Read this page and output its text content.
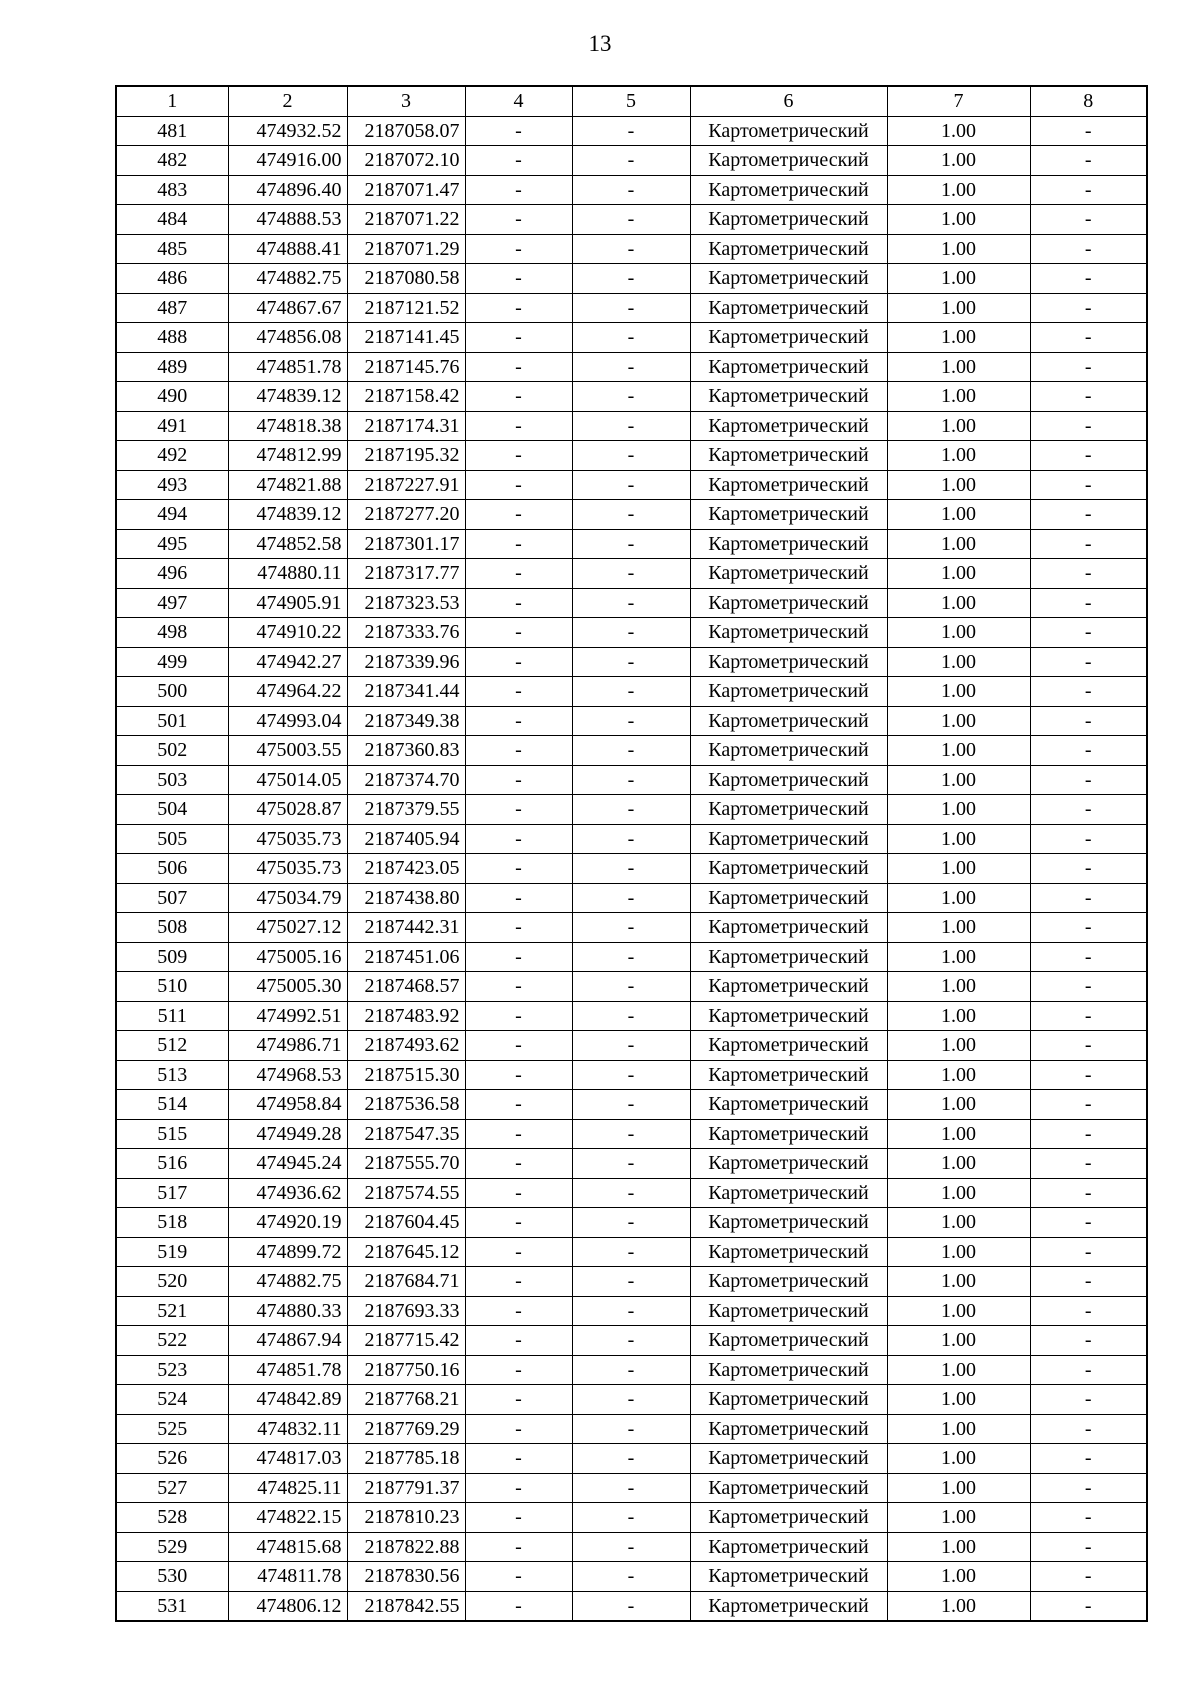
13
1	2	3	4	5	6	7	8
481	474932.52	2187058.07	-	-	Картометрический	1.00	-
482	474916.00	2187072.10	-	-	Картометрический	1.00	-
483	474896.40	2187071.47	-	-	Картометрический	1.00	-
484	474888.53	2187071.22	-	-	Картометрический	1.00	-
485	474888.41	2187071.29	-	-	Картометрический	1.00	-
486	474882.75	2187080.58	-	-	Картометрический	1.00	-
487	474867.67	2187121.52	-	-	Картометрический	1.00	-
488	474856.08	2187141.45	-	-	Картометрический	1.00	-
489	474851.78	2187145.76	-	-	Картометрический	1.00	-
490	474839.12	2187158.42	-	-	Картометрический	1.00	-
491	474818.38	2187174.31	-	-	Картометрический	1.00	-
492	474812.99	2187195.32	-	-	Картометрический	1.00	-
493	474821.88	2187227.91	-	-	Картометрический	1.00	-
494	474839.12	2187277.20	-	-	Картометрический	1.00	-
495	474852.58	2187301.17	-	-	Картометрический	1.00	-
496	474880.11	2187317.77	-	-	Картометрический	1.00	-
497	474905.91	2187323.53	-	-	Картометрический	1.00	-
498	474910.22	2187333.76	-	-	Картометрический	1.00	-
499	474942.27	2187339.96	-	-	Картометрический	1.00	-
500	474964.22	2187341.44	-	-	Картометрический	1.00	-
501	474993.04	2187349.38	-	-	Картометрический	1.00	-
502	475003.55	2187360.83	-	-	Картометрический	1.00	-
503	475014.05	2187374.70	-	-	Картометрический	1.00	-
504	475028.87	2187379.55	-	-	Картометрический	1.00	-
505	475035.73	2187405.94	-	-	Картометрический	1.00	-
506	475035.73	2187423.05	-	-	Картометрический	1.00	-
507	475034.79	2187438.80	-	-	Картометрический	1.00	-
508	475027.12	2187442.31	-	-	Картометрический	1.00	-
509	475005.16	2187451.06	-	-	Картометрический	1.00	-
510	475005.30	2187468.57	-	-	Картометрический	1.00	-
511	474992.51	2187483.92	-	-	Картометрический	1.00	-
512	474986.71	2187493.62	-	-	Картометрический	1.00	-
513	474968.53	2187515.30	-	-	Картометрический	1.00	-
514	474958.84	2187536.58	-	-	Картометрический	1.00	-
515	474949.28	2187547.35	-	-	Картометрический	1.00	-
516	474945.24	2187555.70	-	-	Картометрический	1.00	-
517	474936.62	2187574.55	-	-	Картометрический	1.00	-
518	474920.19	2187604.45	-	-	Картометрический	1.00	-
519	474899.72	2187645.12	-	-	Картометрический	1.00	-
520	474882.75	2187684.71	-	-	Картометрический	1.00	-
521	474880.33	2187693.33	-	-	Картометрический	1.00	-
522	474867.94	2187715.42	-	-	Картометрический	1.00	-
523	474851.78	2187750.16	-	-	Картометрический	1.00	-
524	474842.89	2187768.21	-	-	Картометрический	1.00	-
525	474832.11	2187769.29	-	-	Картометрический	1.00	-
526	474817.03	2187785.18	-	-	Картометрический	1.00	-
527	474825.11	2187791.37	-	-	Картометрический	1.00	-
528	474822.15	2187810.23	-	-	Картометрический	1.00	-
529	474815.68	2187822.88	-	-	Картометрический	1.00	-
530	474811.78	2187830.56	-	-	Картометрический	1.00	-
531	474806.12	2187842.55	-	-	Картометрический	1.00	-
